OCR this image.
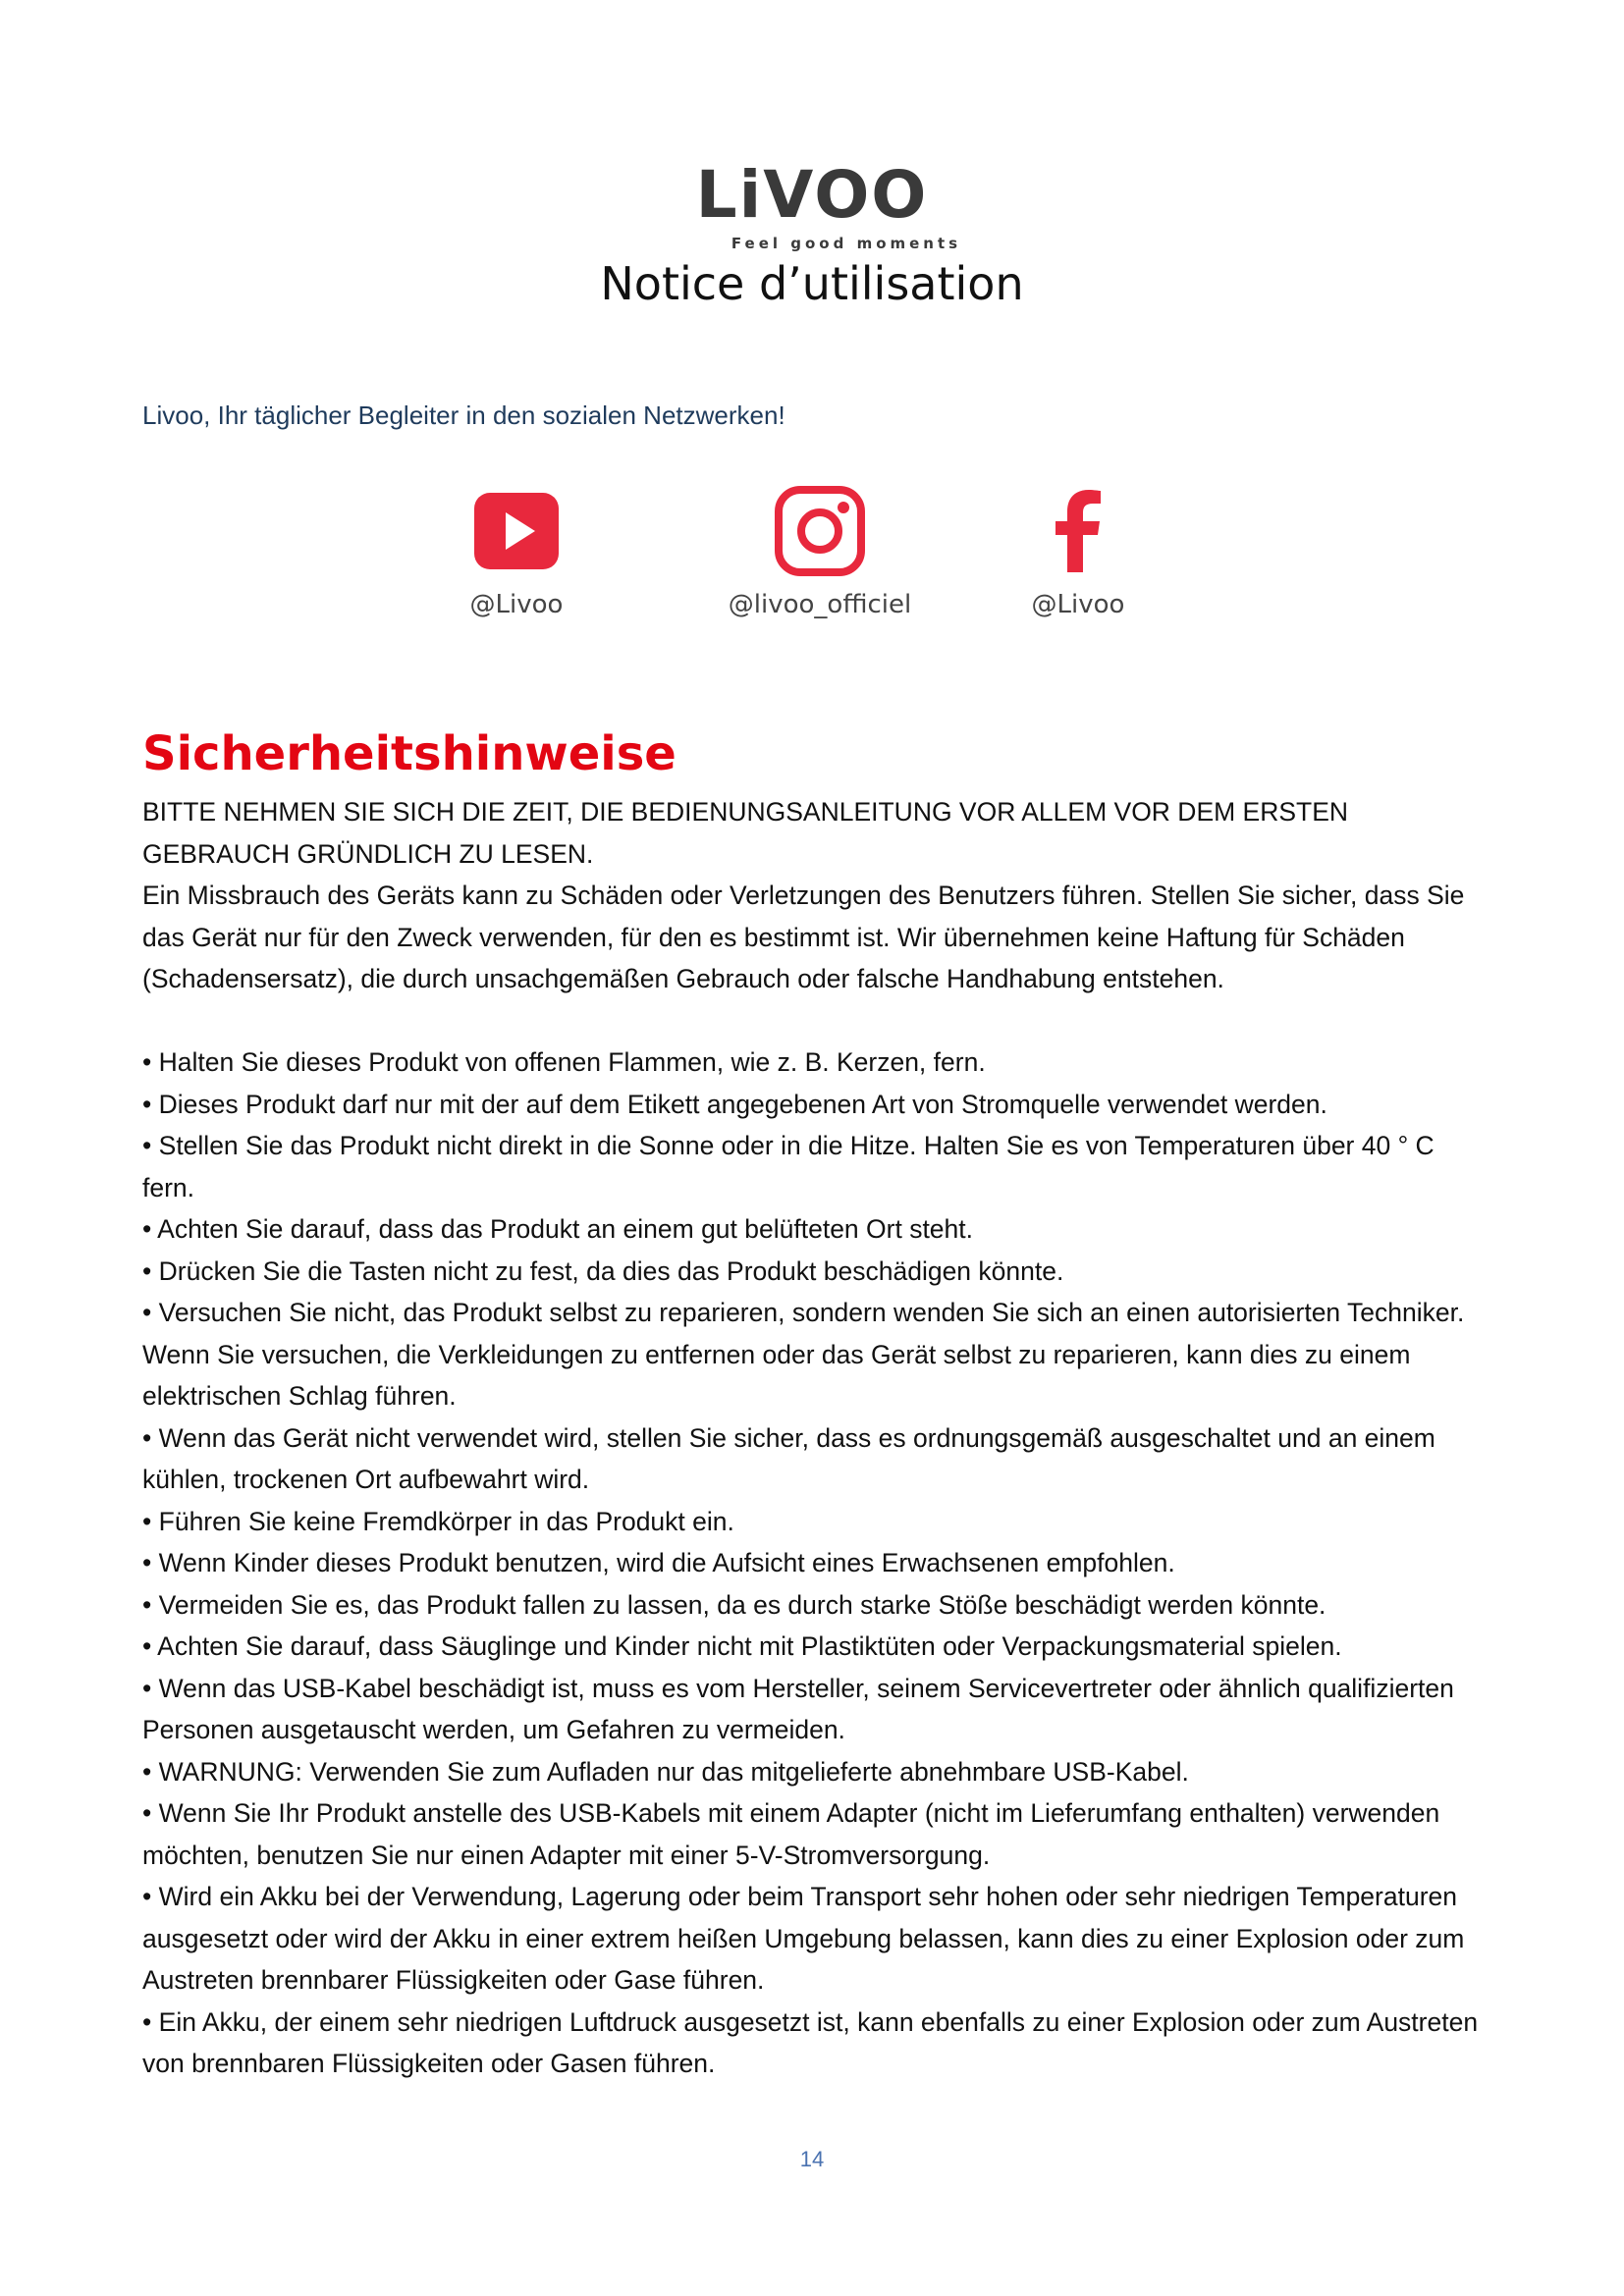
LiVOO
Feel good moments
Notice d’utilisation
Livoo, Ihr täglicher Begleiter in den sozialen Netzwerken!
@Livoo	@livoo_officiel	@Livoo
Sicherheitshinweise

BITTE NEHMEN SIE SICH DIE ZEIT, DIE BEDIENUNGSANLEITUNG VOR ALLEM VOR DEM ERSTEN GEBRAUCH GRÜNDLICH ZU LESEN.

Ein Missbrauch des Geräts kann zu Schäden oder Verletzungen des Benutzers führen. Stellen Sie sicher, dass Sie das Gerät nur für den Zweck verwenden, für den es bestimmt ist. Wir übernehmen keine Haftung für Schäden (Schadensersatz), die durch unsachgemäßen Gebrauch oder falsche Handhabung entstehen.

• Halten Sie dieses Produkt von offenen Flammen, wie z. B. Kerzen, fern.

• Dieses Produkt darf nur mit der auf dem Etikett angegebenen Art von Stromquelle verwendet werden.

• Stellen Sie das Produkt nicht direkt in die Sonne oder in die Hitze. Halten Sie es von Temperaturen über 40 ° C fern.

• Achten Sie darauf, dass das Produkt an einem gut belüfteten Ort steht.

• Drücken Sie die Tasten nicht zu fest, da dies das Produkt beschädigen könnte.

• Versuchen Sie nicht, das Produkt selbst zu reparieren, sondern wenden Sie sich an einen autorisierten Techniker. Wenn Sie versuchen, die Verkleidungen zu entfernen oder das Gerät selbst zu reparieren, kann dies zu einem elektrischen Schlag führen.

• Wenn das Gerät nicht verwendet wird, stellen Sie sicher, dass es ordnungsgemäß ausgeschaltet und an einem kühlen, trockenen Ort aufbewahrt wird.

• Führen Sie keine Fremdkörper in das Produkt ein.

• Wenn Kinder dieses Produkt benutzen, wird die Aufsicht eines Erwachsenen empfohlen.

• Vermeiden Sie es, das Produkt fallen zu lassen, da es durch starke Stöße beschädigt werden könnte.

• Achten Sie darauf, dass Säuglinge und Kinder nicht mit Plastiktüten oder Verpackungsmaterial spielen.

• Wenn das USB-Kabel beschädigt ist, muss es vom Hersteller, seinem Servicevertreter oder ähnlich qualifizierten Personen ausgetauscht werden, um Gefahren zu vermeiden.

• WARNUNG: Verwenden Sie zum Aufladen nur das mitgelieferte abnehmbare USB-Kabel.

• Wenn Sie Ihr Produkt anstelle des USB-Kabels mit einem Adapter (nicht im Lieferumfang enthalten) verwenden möchten, benutzen Sie nur einen Adapter mit einer 5-V-Stromversorgung.

• Wird ein Akku bei der Verwendung, Lagerung oder beim Transport sehr hohen oder sehr niedrigen Temperaturen ausgesetzt oder wird der Akku in einer extrem heißen Umgebung belassen, kann dies zu einer Explosion oder zum Austreten brennbarer Flüssigkeiten oder Gase führen.

• Ein Akku, der einem sehr niedrigen Luftdruck ausgesetzt ist, kann ebenfalls zu einer Explosion oder zum Austreten von brennbaren Flüssigkeiten oder Gasen führen.

14
